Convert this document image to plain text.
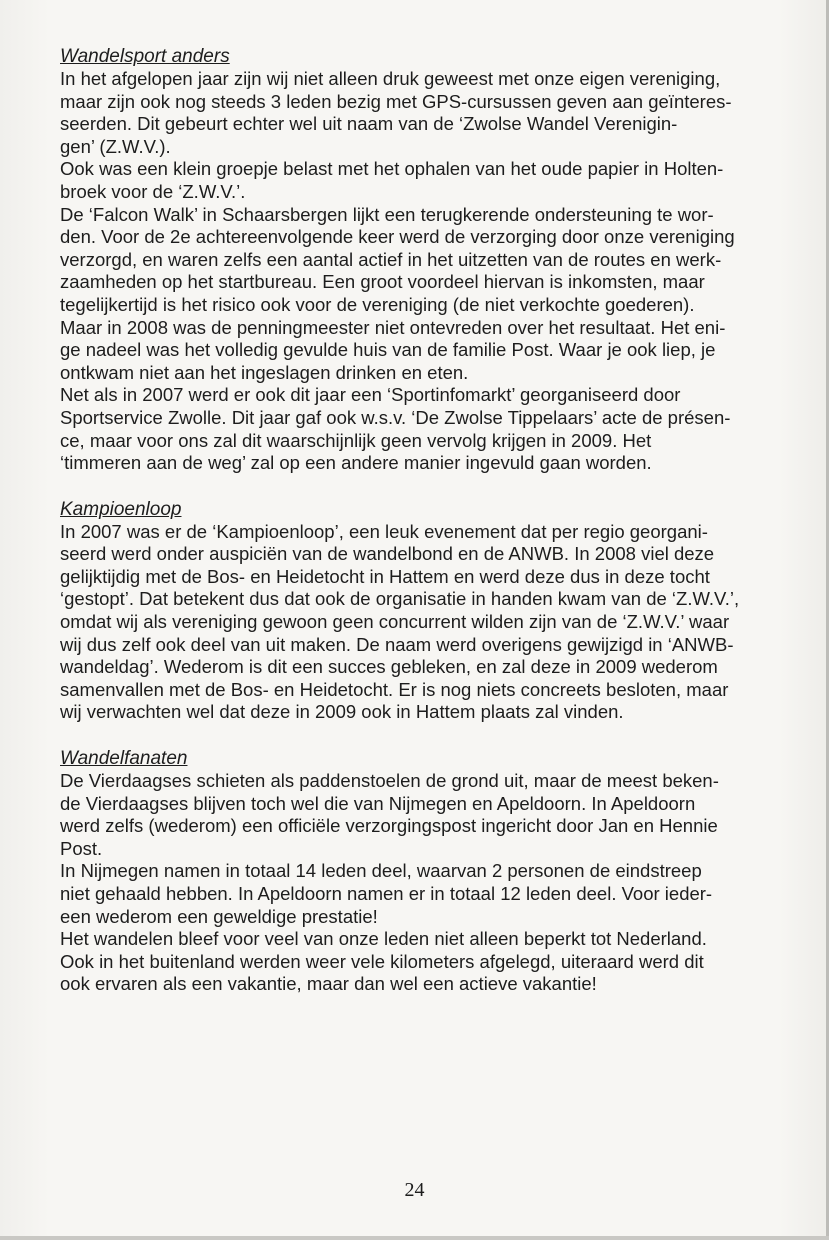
Wandelsport anders

In het afgelopen jaar zijn wij niet alleen druk geweest met onze eigen vereniging,
maar zijn ook nog steeds 3 leden bezig met GPS-cursussen geven aan geïnteres-
seerden. Dit gebeurt echter wel uit naam van de ‘Zwolse Wandel Verenigin-
gen’ (Z.W.V.).

Ook was een klein groepje belast met het ophalen van het oude papier in Holten-
broek voor de ‘Z.W.V.’.

De ‘Falcon Walk’ in Schaarsbergen lijkt een terugkerende ondersteuning te wor-
den. Voor de 2e achtereenvolgende keer werd de verzorging door onze vereniging
verzorgd, en waren zelfs een aantal actief in het uitzetten van de routes en werk-
zaamheden op het startbureau. Een groot voordeel hiervan is inkomsten, maar
tegelijkertijd is het risico ook voor de vereniging (de niet verkochte goederen).
Maar in 2008 was de penningmeester niet ontevreden over het resultaat. Het eni-
ge nadeel was het volledig gevulde huis van de familie Post. Waar je ook liep, je
ontkwam niet aan het ingeslagen drinken en eten.

Net als in 2007 werd er ook dit jaar een ‘Sportinfomarkt’ georganiseerd door
Sportservice Zwolle. Dit jaar gaf ook w.s.v. ‘De Zwolse Tippelaars’ acte de présen-
ce, maar voor ons zal dit waarschijnlijk geen vervolg krijgen in 2009. Het
‘timmeren aan de weg’ zal op een andere manier ingevuld gaan worden.

Kampioenloop

In 2007 was er de ‘Kampioenloop’, een leuk evenement dat per regio georgani-
seerd werd onder auspiciën van de wandelbond en de ANWB. In 2008 viel deze
gelijktijdig met de Bos- en Heidetocht in Hattem en werd deze dus in deze tocht
‘gestopt’. Dat betekent dus dat ook de organisatie in handen kwam van de ‘Z.W.V.’,
omdat wij als vereniging gewoon geen concurrent wilden zijn van de ‘Z.W.V.’ waar
wij dus zelf ook deel van uit maken. De naam werd overigens gewijzigd in ‘ANWB-
wandeldag’. Wederom is dit een succes gebleken, en zal deze in 2009 wederom
samenvallen met de Bos- en Heidetocht. Er is nog niets concreets besloten, maar
wij verwachten wel dat deze in 2009 ook in Hattem plaats zal vinden.

Wandelfanaten

De Vierdaagses schieten als paddenstoelen de grond uit, maar de meest beken-
de Vierdaagses blijven toch wel die van Nijmegen en Apeldoorn. In Apeldoorn
werd zelfs (wederom) een officiële verzorgingspost ingericht door Jan en Hennie
Post.

In Nijmegen namen in totaal 14 leden deel, waarvan 2 personen de eindstreep
niet gehaald hebben. In Apeldoorn namen er in totaal 12 leden deel. Voor ieder-
een wederom een geweldige prestatie!

Het wandelen bleef voor veel van onze leden niet alleen beperkt tot Nederland.
Ook in het buitenland werden weer vele kilometers afgelegd, uiteraard werd dit
ook ervaren als een vakantie, maar dan wel een actieve vakantie!

24
